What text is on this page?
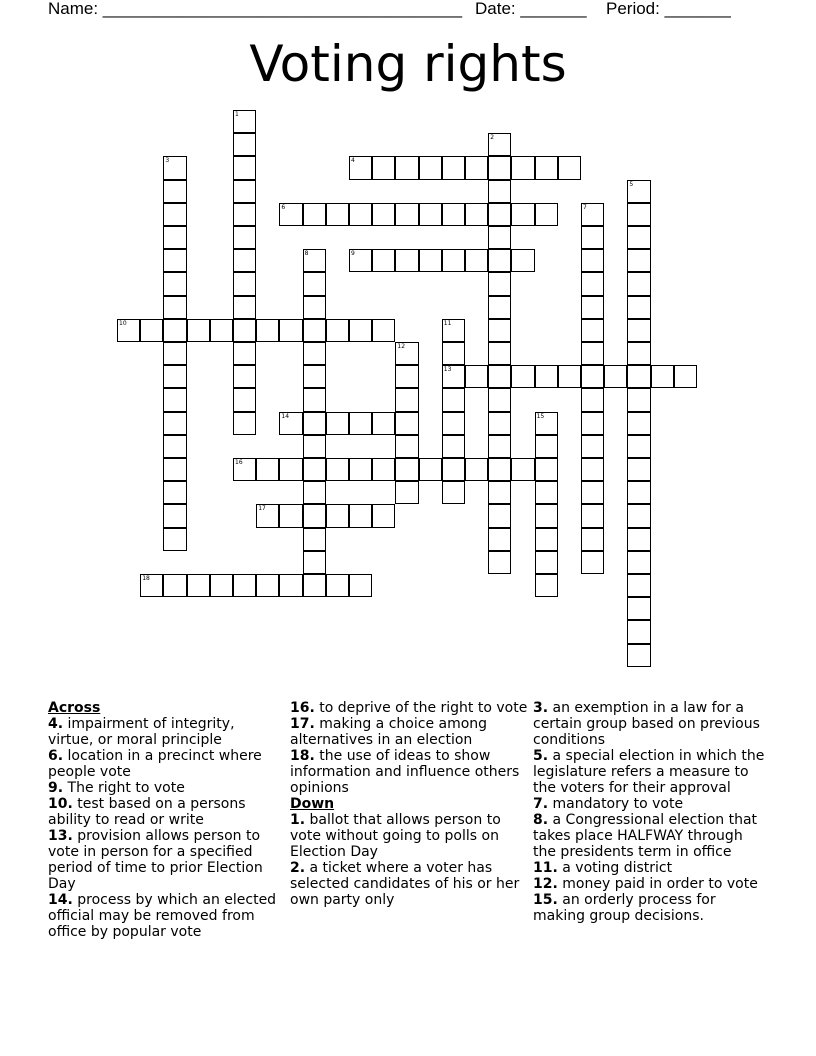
Name: ______________________________________ Date: _______ Period: _______
Voting rights
1
2
3	4
5
6	7
8	9
10	11
13
12
14	15
16
17
18
Across
4. impairment of integrity, virtue, or moral principle
6. location in a precinct where people vote
9. The right to vote
10. test based on a persons ability to read or write
13. provision allows person to vote in person for a specified period of time to prior Election Day
14. process by which an elected official may be removed from office by popular vote
16. to deprive of the right to vote
17. making a choice among alternatives in an election
18. the use of ideas to show information and influence others opinions
Down
1. ballot that allows person to vote without going to polls on Election Day
2. a ticket where a voter has selected candidates of his or her own party only
3. an exemption in a law for a certain group based on previous conditions
5. a special election in which the legislature refers a measure to the voters for their approval
7. mandatory to vote
8. a Congressional election that takes place HALFWAY through the presidents term in office
11. a voting district
12. money paid in order to vote
15. an orderly process for making group decisions.
